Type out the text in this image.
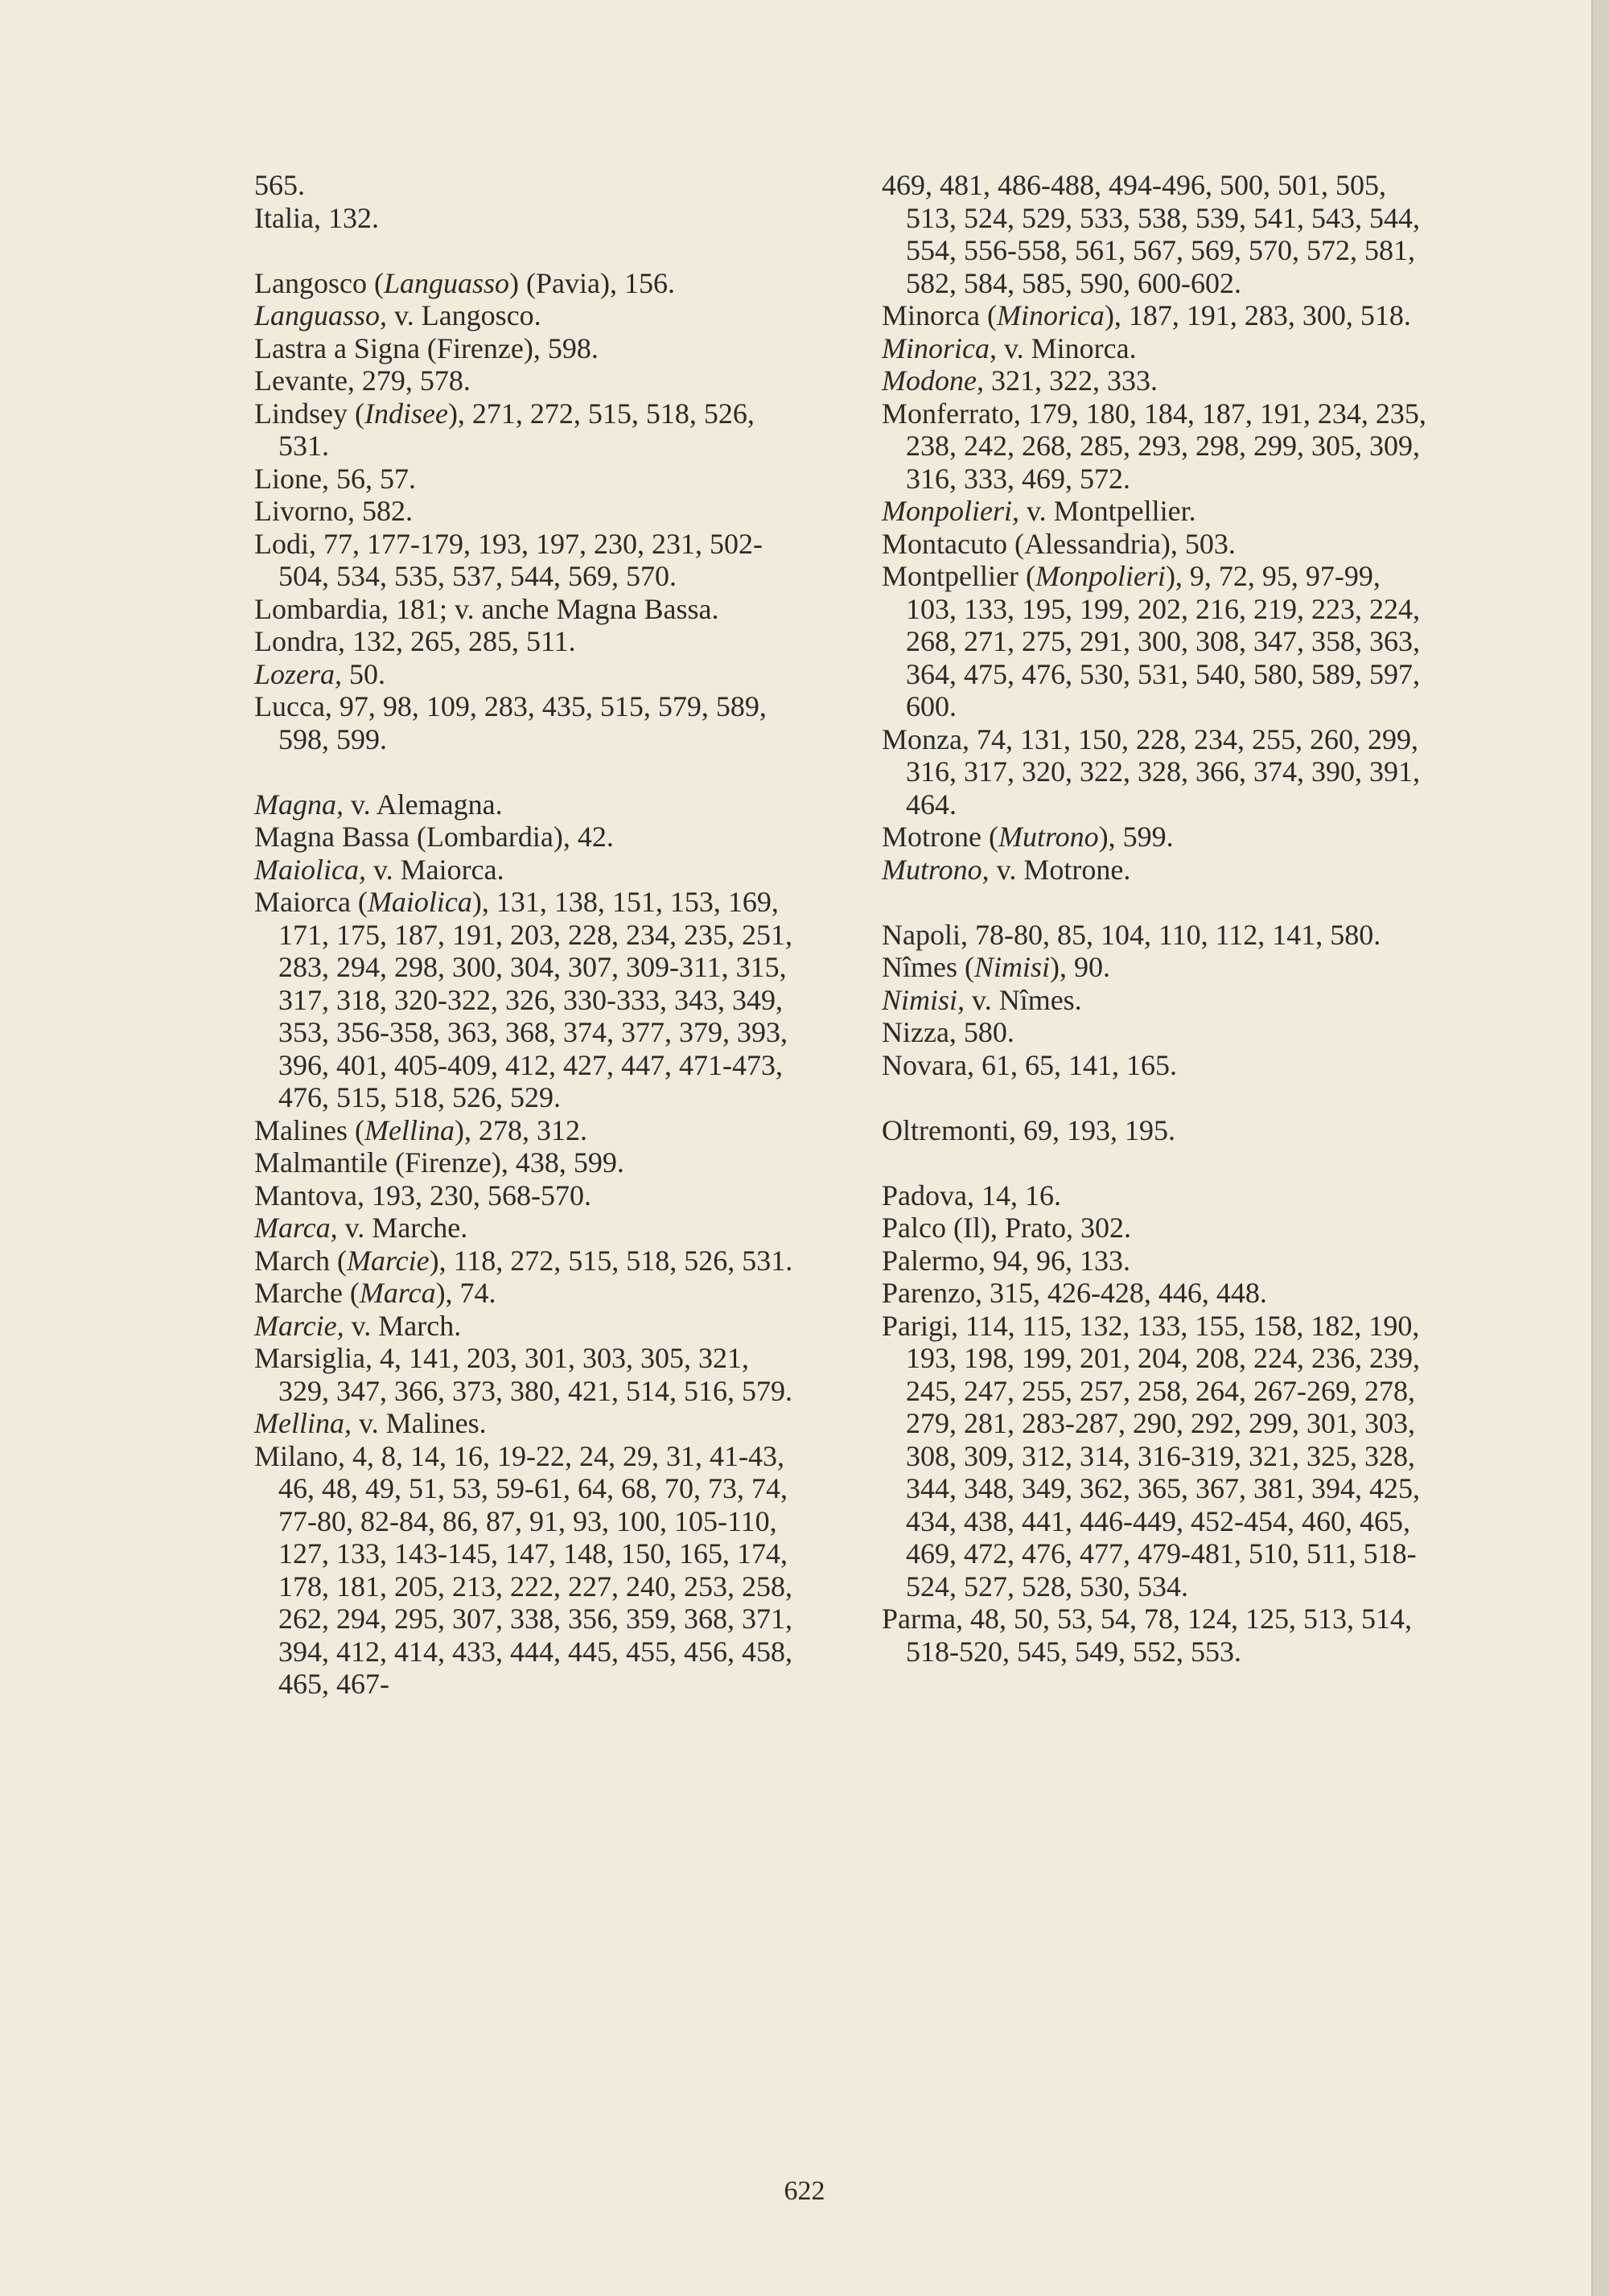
565.
Italia, 132.
Langosco (Languasso) (Pavia), 156.
Languasso, v. Langosco.
Lastra a Signa (Firenze), 598.
Levante, 279, 578.
Lindsey (Indisee), 271, 272, 515, 518, 526, 531.
Lione, 56, 57.
Livorno, 582.
Lodi, 77, 177-179, 193, 197, 230, 231, 502-504, 534, 535, 537, 544, 569, 570.
Lombardia, 181; v. anche Magna Bassa.
Londra, 132, 265, 285, 511.
Lozera, 50.
Lucca, 97, 98, 109, 283, 435, 515, 579, 589, 598, 599.
Magna, v. Alemagna.
Magna Bassa (Lombardia), 42.
Maiolica, v. Maiorca.
Maiorca (Maiolica), 131, 138, 151, 153, 169, 171, 175, 187, 191, 203, 228, 234, 235, 251, 283, 294, 298, 300, 304, 307, 309-311, 315, 317, 318, 320-322, 326, 330-333, 343, 349, 353, 356-358, 363, 368, 374, 377, 379, 393, 396, 401, 405-409, 412, 427, 447, 471-473, 476, 515, 518, 526, 529.
Malines (Mellina), 278, 312.
Malmantile (Firenze), 438, 599.
Mantova, 193, 230, 568-570.
Marca, v. Marche.
March (Marcie), 118, 272, 515, 518, 526, 531.
Marche (Marca), 74.
Marcie, v. March.
Marsiglia, 4, 141, 203, 301, 303, 305, 321, 329, 347, 366, 373, 380, 421, 514, 516, 579.
Mellina, v. Malines.
Milano, 4, 8, 14, 16, 19-22, 24, 29, 31, 41-43, 46, 48, 49, 51, 53, 59-61, 64, 68, 70, 73, 74, 77-80, 82-84, 86, 87, 91, 93, 100, 105-110, 127, 133, 143-145, 147, 148, 150, 165, 174, 178, 181, 205, 213, 222, 227, 240, 253, 258, 262, 294, 295, 307, 338, 356, 359, 368, 371, 394, 412, 414, 433, 444, 445, 455, 456, 458, 465, 467-
469, 481, 486-488, 494-496, 500, 501, 505, 513, 524, 529, 533, 538, 539, 541, 543, 544, 554, 556-558, 561, 567, 569, 570, 572, 581, 582, 584, 585, 590, 600-602.
Minorca (Minorica), 187, 191, 283, 300, 518.
Minorica, v. Minorca.
Modone, 321, 322, 333.
Monferrato, 179, 180, 184, 187, 191, 234, 235, 238, 242, 268, 285, 293, 298, 299, 305, 309, 316, 333, 469, 572.
Monpolieri, v. Montpellier.
Montacuto (Alessandria), 503.
Montpellier (Monpolieri), 9, 72, 95, 97-99, 103, 133, 195, 199, 202, 216, 219, 223, 224, 268, 271, 275, 291, 300, 308, 347, 358, 363, 364, 475, 476, 530, 531, 540, 580, 589, 597, 600.
Monza, 74, 131, 150, 228, 234, 255, 260, 299, 316, 317, 320, 322, 328, 366, 374, 390, 391, 464.
Motrone (Mutrono), 599.
Mutrono, v. Motrone.
Napoli, 78-80, 85, 104, 110, 112, 141, 580.
Nîmes (Nimisi), 90.
Nimisi, v. Nîmes.
Nizza, 580.
Novara, 61, 65, 141, 165.
Oltremonti, 69, 193, 195.
Padova, 14, 16.
Palco (Il), Prato, 302.
Palermo, 94, 96, 133.
Parenzo, 315, 426-428, 446, 448.
Parigi, 114, 115, 132, 133, 155, 158, 182, 190, 193, 198, 199, 201, 204, 208, 224, 236, 239, 245, 247, 255, 257, 258, 264, 267-269, 278, 279, 281, 283-287, 290, 292, 299, 301, 303, 308, 309, 312, 314, 316-319, 321, 325, 328, 344, 348, 349, 362, 365, 367, 381, 394, 425, 434, 438, 441, 446-449, 452-454, 460, 465, 469, 472, 476, 477, 479-481, 510, 511, 518-524, 527, 528, 530, 534.
Parma, 48, 50, 53, 54, 78, 124, 125, 513, 514, 518-520, 545, 549, 552, 553.
622
